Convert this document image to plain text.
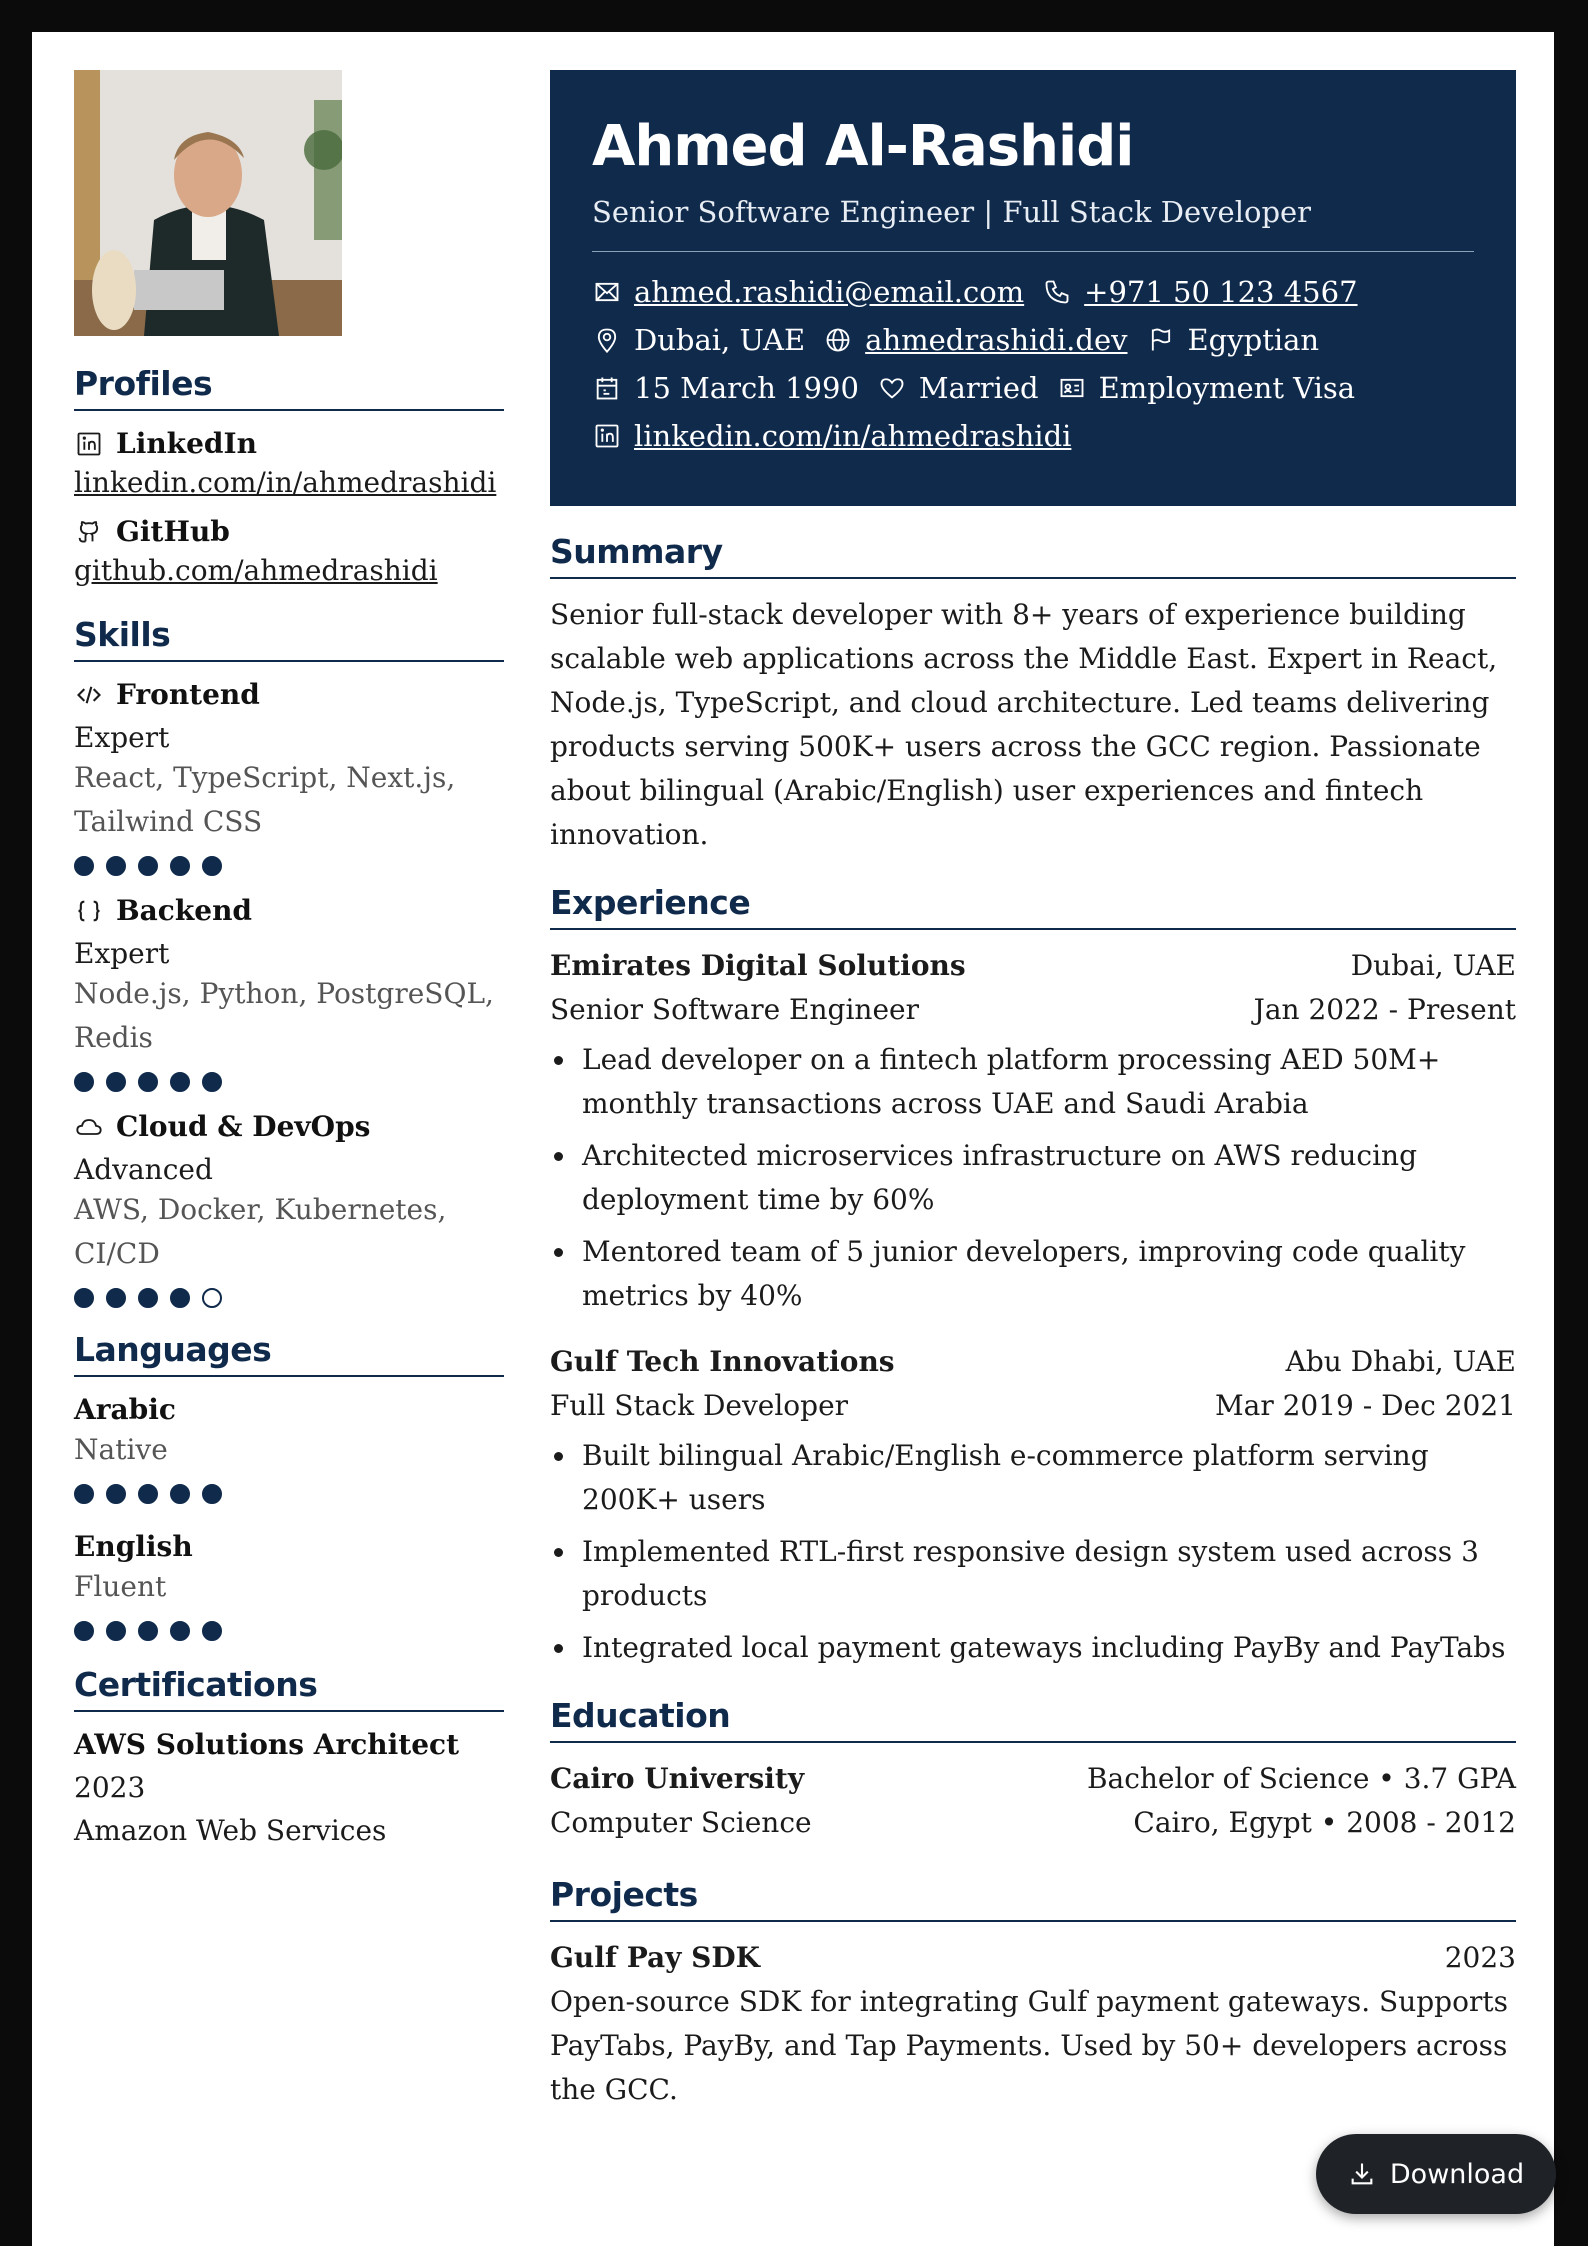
Profiles
LinkedIn
linkedin.com/in/ahmedrashidi
GitHub
github.com/ahmedrashidi
Skills
Frontend
Expert
React, TypeScript, Next.js, Tailwind CSS
Backend
Expert
Node.js, Python, PostgreSQL, Redis
Cloud & DevOps
Advanced
AWS, Docker, Kubernetes, CI/CD
Languages
Arabic
Native
English
Fluent
Certifications
AWS Solutions Architect
2023
Amazon Web Services
Ahmed Al-Rashidi
Senior Software Engineer | Full Stack Developer
ahmed.rashidi@email.com +971 50 123 4567
Dubai, UAE ahmedrashidi.dev Egyptian
15 March 1990 Married Employment Visa
linkedin.com/in/ahmedrashidi
Summary
Senior full-stack developer with 8+ years of experience building scalable web applications across the Middle East. Expert in React, Node.js, TypeScript, and cloud architecture. Led teams delivering products serving 500K+ users across the GCC region. Passionate about bilingual (Arabic/English) user experiences and fintech innovation.
Experience
Emirates Digital Solutions	Dubai, UAE
Senior Software Engineer	Jan 2022 - Present
Lead developer on a fintech platform processing AED 50M+ monthly transactions across UAE and Saudi Arabia
Architected microservices infrastructure on AWS reducing deployment time by 60%
Mentored team of 5 junior developers, improving code quality metrics by 40%
Gulf Tech Innovations	Abu Dhabi, UAE
Full Stack Developer	Mar 2019 - Dec 2021
Built bilingual Arabic/English e-commerce platform serving 200K+ users
Implemented RTL-first responsive design system used across 3 products
Integrated local payment gateways including PayBy and PayTabs
Education
Cairo University	Bachelor of Science • 3.7 GPA
Computer Science	Cairo, Egypt • 2008 - 2012
Projects
Gulf Pay SDK	2023
Open-source SDK for integrating Gulf payment gateways. Supports PayTabs, PayBy, and Tap Payments. Used by 50+ developers across the GCC.
Download
